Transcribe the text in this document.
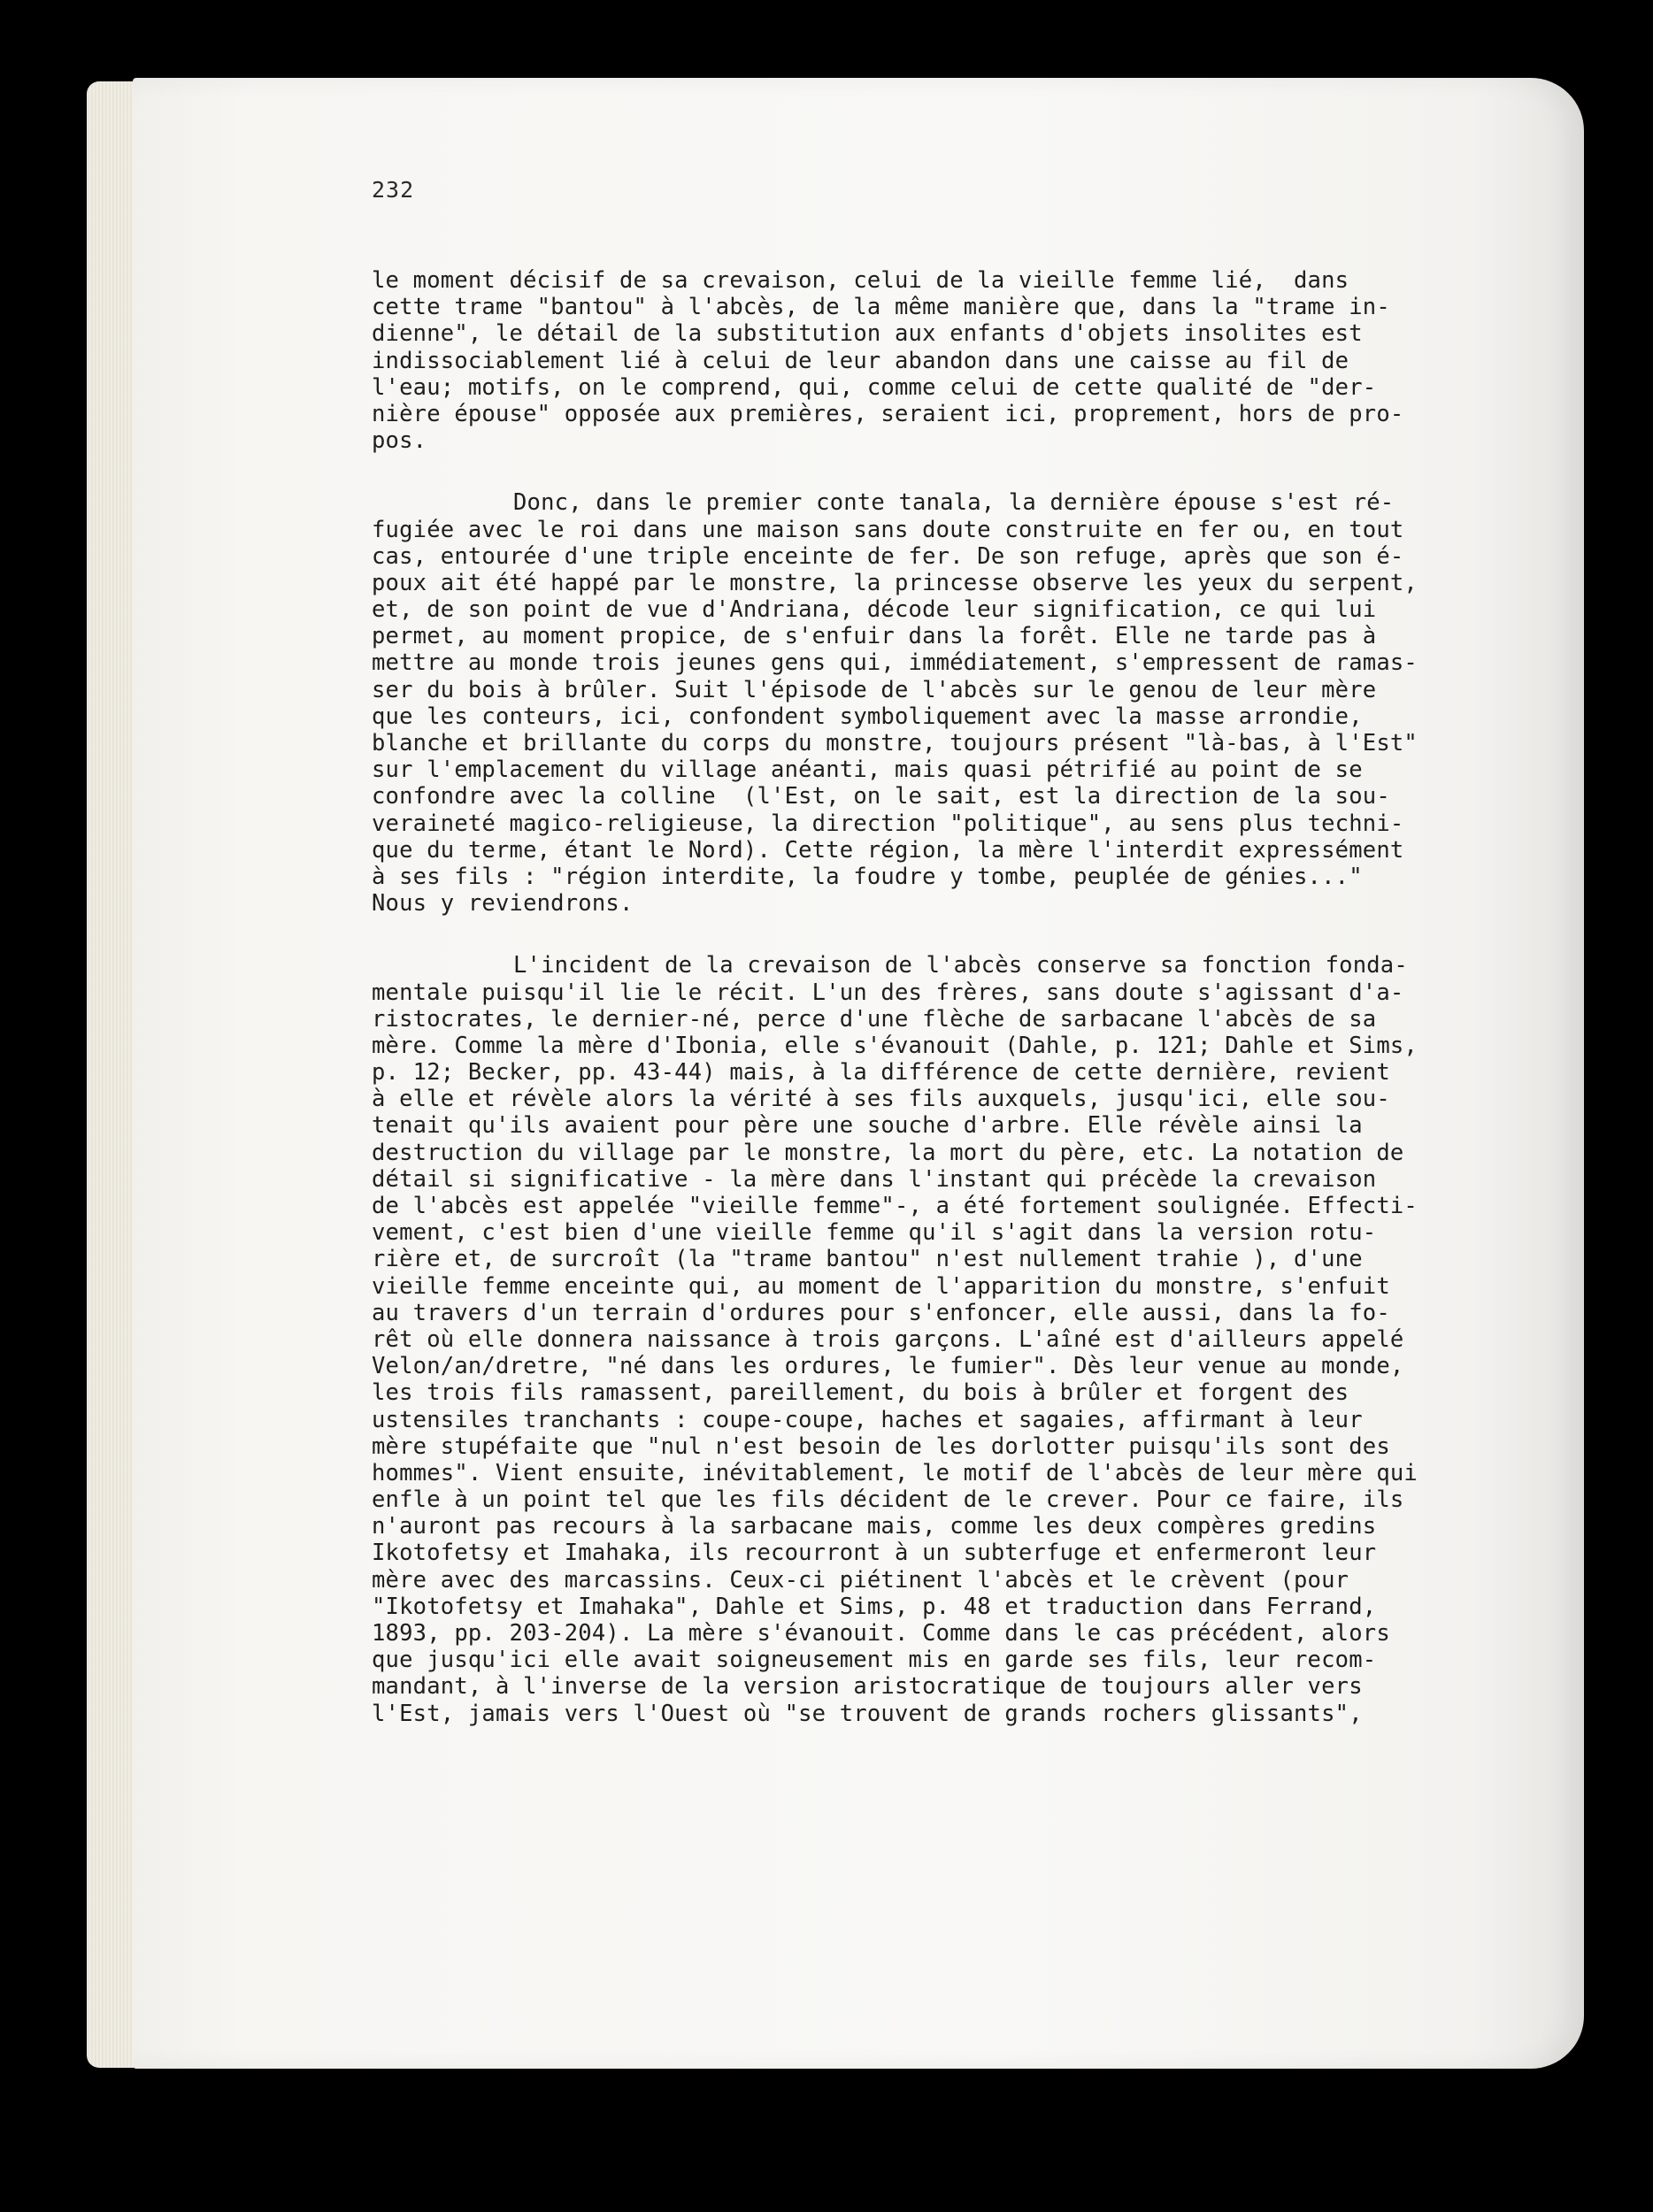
232
le moment décisif de sa crevaison, celui de la vieille femme lié,  dans
cette trame "bantou" à l'abcès, de la même manière que, dans la "trame in-
dienne", le détail de la substitution aux enfants d'objets insolites est
indissociablement lié à celui de leur abandon dans une caisse au fil de
l'eau; motifs, on le comprend, qui, comme celui de cette qualité de "der-
nière épouse" opposée aux premières, seraient ici, proprement, hors de pro-
pos.
Donc, dans le premier conte tanala, la dernière épouse s'est ré-
fugiée avec le roi dans une maison sans doute construite en fer ou, en tout
cas, entourée d'une triple enceinte de fer. De son refuge, après que son é-
poux ait été happé par le monstre, la princesse observe les yeux du serpent,
et, de son point de vue d'Andriana, décode leur signification, ce qui lui
permet, au moment propice, de s'enfuir dans la forêt. Elle ne tarde pas à
mettre au monde trois jeunes gens qui, immédiatement, s'empressent de ramas-
ser du bois à brûler. Suit l'épisode de l'abcès sur le genou de leur mère
que les conteurs, ici, confondent symboliquement avec la masse arrondie,
blanche et brillante du corps du monstre, toujours présent "là-bas, à l'Est"
sur l'emplacement du village anéanti, mais quasi pétrifié au point de se
confondre avec la colline  (l'Est, on le sait, est la direction de la sou-
veraineté magico-religieuse, la direction "politique", au sens plus techni-
que du terme, étant le Nord). Cette région, la mère l'interdit expressément
à ses fils : "région interdite, la foudre y tombe, peuplée de génies..."
Nous y reviendrons.
L'incident de la crevaison de l'abcès conserve sa fonction fonda-
mentale puisqu'il lie le récit. L'un des frères, sans doute s'agissant d'a-
ristocrates, le dernier-né, perce d'une flèche de sarbacane l'abcès de sa
mère. Comme la mère d'Ibonia, elle s'évanouit (Dahle, p. 121; Dahle et Sims,
p. 12; Becker, pp. 43-44) mais, à la différence de cette dernière, revient
à elle et révèle alors la vérité à ses fils auxquels, jusqu'ici, elle sou-
tenait qu'ils avaient pour père une souche d'arbre. Elle révèle ainsi la
destruction du village par le monstre, la mort du père, etc. La notation de
détail si significative - la mère dans l'instant qui précède la crevaison
de l'abcès est appelée "vieille femme"-, a été fortement soulignée. Effecti-
vement, c'est bien d'une vieille femme qu'il s'agit dans la version rotu-
rière et, de surcroît (la "trame bantou" n'est nullement trahie ), d'une
vieille femme enceinte qui, au moment de l'apparition du monstre, s'enfuit
au travers d'un terrain d'ordures pour s'enfoncer, elle aussi, dans la fo-
rêt où elle donnera naissance à trois garçons. L'aîné est d'ailleurs appelé
Velon/an/dretre, "né dans les ordures, le fumier". Dès leur venue au monde,
les trois fils ramassent, pareillement, du bois à brûler et forgent des
ustensiles tranchants : coupe-coupe, haches et sagaies, affirmant à leur
mère stupéfaite que "nul n'est besoin de les dorlotter puisqu'ils sont des
hommes". Vient ensuite, inévitablement, le motif de l'abcès de leur mère qui
enfle à un point tel que les fils décident de le crever. Pour ce faire, ils
n'auront pas recours à la sarbacane mais, comme les deux compères gredins
Ikotofetsy et Imahaka, ils recourront à un subterfuge et enfermeront leur
mère avec des marcassins. Ceux-ci piétinent l'abcès et le crèvent (pour
"Ikotofetsy et Imahaka", Dahle et Sims, p. 48 et traduction dans Ferrand,
1893, pp. 203-204). La mère s'évanouit. Comme dans le cas précédent, alors
que jusqu'ici elle avait soigneusement mis en garde ses fils, leur recom-
mandant, à l'inverse de la version aristocratique de toujours aller vers
l'Est, jamais vers l'Ouest où "se trouvent de grands rochers glissants",
